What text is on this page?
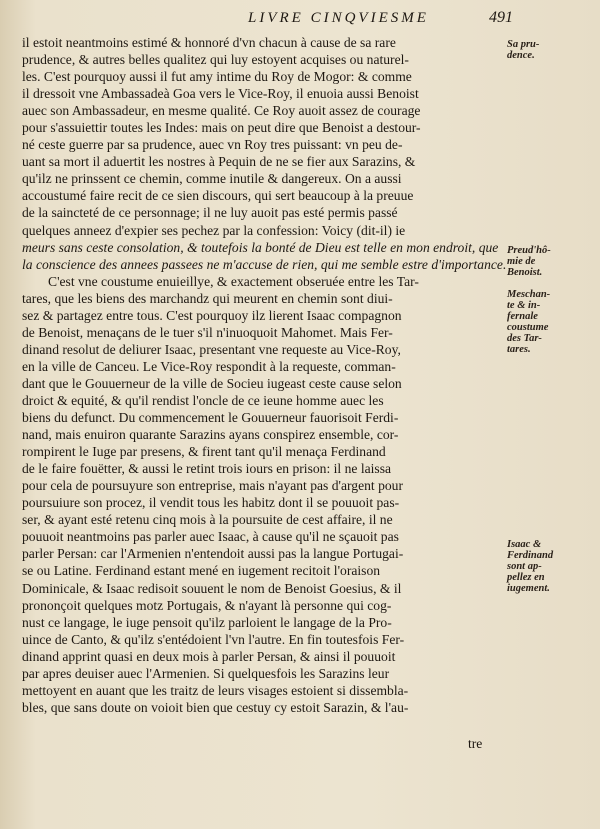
LIVRE CINQVIESME	491
il estoit neantmoins estimé & honnoré d'vn chacun à cause de sa rare
prudence, & autres belles qualitez qui luy estoyent acquises ou naturel-
les. C'est pourquoy aussi il fut amy intime du Roy de Mogor: & comme
il dressoit vne Ambassadeà Goa vers le Vice-Roy, il enuoia aussi Benoist
auec son Ambassadeur, en mesme qualité. Ce Roy auoit assez de courage
pour s'assuiettir toutes les Indes: mais on peut dire que Benoist a destour-
né ceste guerre par sa prudence, auec vn Roy tres puissant: vn peu de-
uant sa mort il aduertit les nostres à Pequin de ne se fier aux Sarazins, &
qu'ilz ne prinssent ce chemin, comme inutile & dangereux. On a aussi
accoustumé faire recit de ce sien discours, qui sert beaucoup à la preuue
de la saincteté de ce personnage; il ne luy auoit pas esté permis passé
quelques anneez d'expier ses pechez par la confession: Voicy (dit-il) ie
meurs sans ceste consolation, & toutefois la bonté de Dieu est telle en mon endroit, que
la conscience des annees passees ne m'accuse de rien, qui me semble estre d'importance.
C'est vne coustume enuieillye, & exactement obseruée entre les Tar-
tares, que les biens des marchandz qui meurent en chemin sont diui-
sez & partagez entre tous. C'est pourquoy ilz lierent Isaac compagnon
de Benoist, menaçans de le tuer s'il n'inuoquoit Mahomet. Mais Fer-
dinand resolut de deliurer Isaac, presentant vne requeste au Vice-Roy,
en la ville de Canceu. Le Vice-Roy respondit à la requeste, comman-
dant que le Gouuerneur de la ville de Socieu iugeast ceste cause selon
droict & equité, & qu'il rendist l'oncle de ce ieune homme auec les
biens du defunct. Du commencement le Gouuerneur fauorisoit Ferdi-
nand, mais enuiron quarante Sarazins ayans conspirez ensemble, cor-
rompirent le Iuge par presens, & firent tant qu'il menaça Ferdinand
de le faire fouëtter, & aussi le retint trois iours en prison: il ne laissa
pour cela de poursuyure son entreprise, mais n'ayant pas d'argent pour
poursuiure son procez, il vendit tous les habitz dont il se pouuoit pas-
ser, & ayant esté retenu cinq mois à la poursuite de cest affaire, il ne
pouuoit neantmoins pas parler auec Isaac, à cause qu'il ne sçauoit pas
parler Persan: car l'Armenien n'entendoit aussi pas la langue Portugai-
se ou Latine. Ferdinand estant mené en iugement recitoit l'oraison
Dominicale, & Isaac redisoit souuent le nom de Benoist Goesius, & il
prononçoit quelques motz Portugais, & n'ayant là personne qui cog-
nust ce langage, le iuge pensoit qu'ilz parloient le langage de la Pro-
uince de Canto, & qu'ilz s'entédoient l'vn l'autre. En fin toutesfois Fer-
dinand apprint quasi en deux mois à parler Persan, & ainsi il pouuoit
par apres deuiser auec l'Armenien. Si quelquesfois les Sarazins leur
mettoyent en auant que les traitz de leurs visages estoient si dissembla-
bles, que sans doute on voioit bien que cestuy cy estoit Sarazin, & l'au-
Sa pru-
dence.
Preud'hô-
mie de
Benoist.
Meschan-
te & in-
fernale
coustume
des Tar-
tares.
Isaac &
Ferdinand
sont ap-
pellez en
iugement.
tre
